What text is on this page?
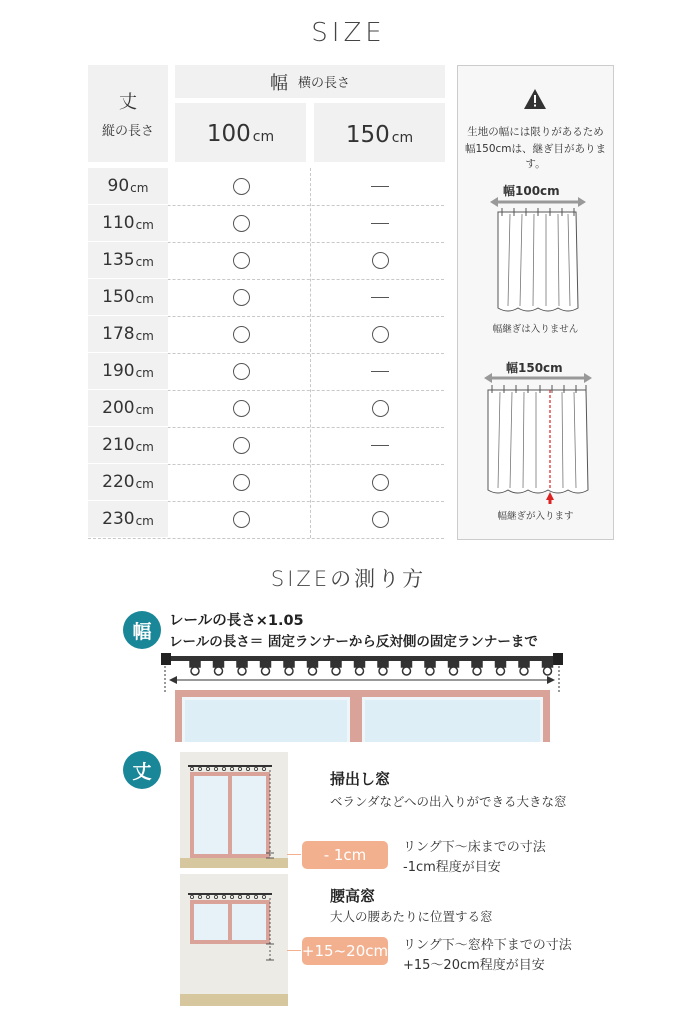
SIZE
丈
縦の長さ
幅 横の長さ
100 cm	150 cm
90 cm
110 cm
135 cm
150 cm
178 cm
190 cm
200 cm
210 cm
220 cm
230 cm
生地の幅には限りがあるため
幅150cmは、継ぎ目があります。
幅100cm
幅継ぎは入りません
幅150cm
幅継ぎが入ります
SIZEの測り方
幅	レールの長さ×1.05
レールの長さ＝ 固定ランナーから反対側の固定ランナーまで
丈
- 1cm
掃出し窓
ベランダなどへの出入りができる大きな窓
リング下～床までの寸法
-1cm程度が目安
+15~20cm
腰高窓
大人の腰あたりに位置する窓
リング下～窓枠下までの寸法
+15～20cm程度が目安
